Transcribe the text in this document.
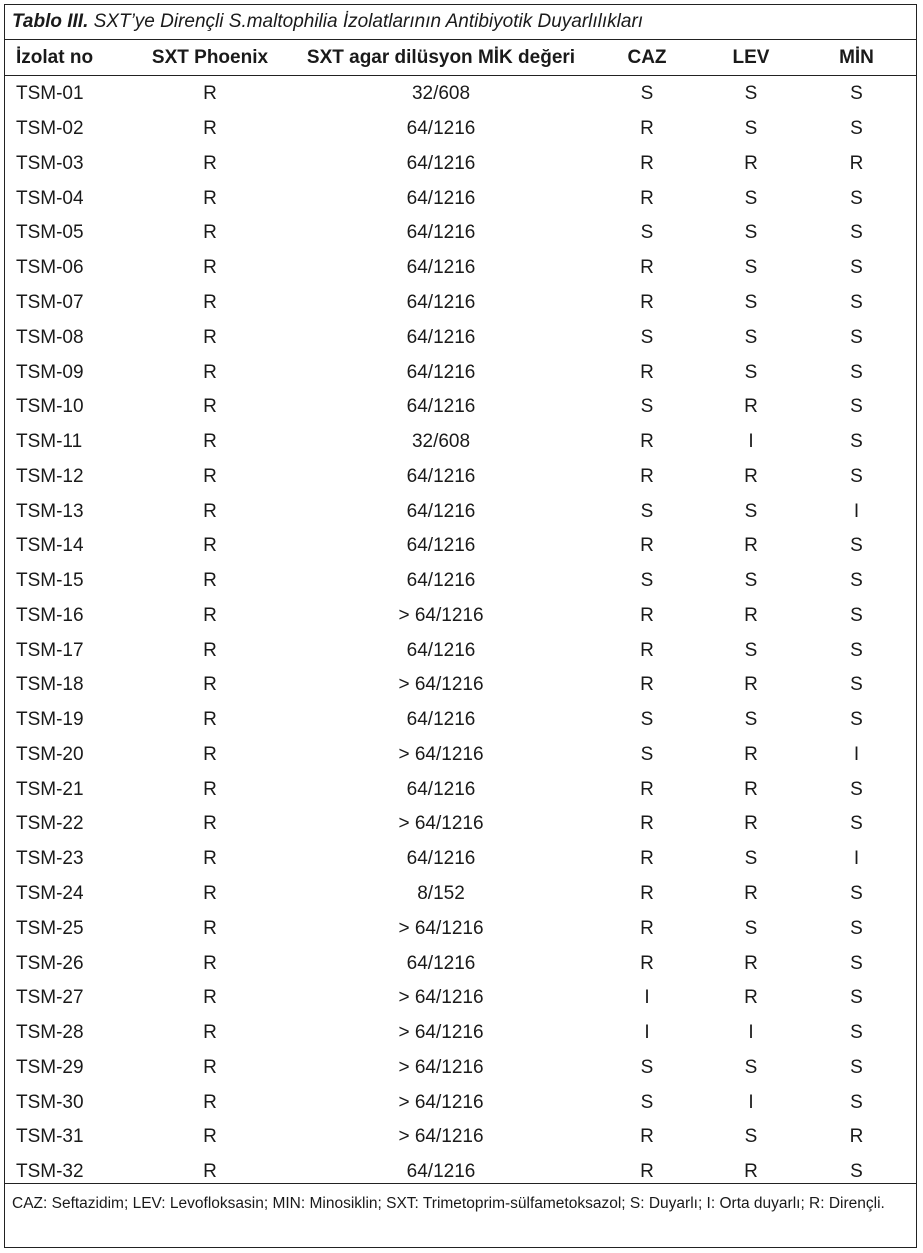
Tablo III. SXT’ye Dirençli S.maltophilia İzolatlarının Antibiyotik Duyarlılıkları
İzolat no	SXT Phoenix	SXT agar dilüsyon MİK değeri	CAZ	LEV	MİN
TSM-01	R	32/608	S	S	S
TSM-02	R	64/1216	R	S	S
TSM-03	R	64/1216	R	R	R
TSM-04	R	64/1216	R	S	S
TSM-05	R	64/1216	S	S	S
TSM-06	R	64/1216	R	S	S
TSM-07	R	64/1216	R	S	S
TSM-08	R	64/1216	S	S	S
TSM-09	R	64/1216	R	S	S
TSM-10	R	64/1216	S	R	S
TSM-11	R	32/608	R	I	S
TSM-12	R	64/1216	R	R	S
TSM-13	R	64/1216	S	S	I
TSM-14	R	64/1216	R	R	S
TSM-15	R	64/1216	S	S	S
TSM-16	R	> 64/1216	R	R	S
TSM-17	R	64/1216	R	S	S
TSM-18	R	> 64/1216	R	R	S
TSM-19	R	64/1216	S	S	S
TSM-20	R	> 64/1216	S	R	I
TSM-21	R	64/1216	R	R	S
TSM-22	R	> 64/1216	R	R	S
TSM-23	R	64/1216	R	S	I
TSM-24	R	8/152	R	R	S
TSM-25	R	> 64/1216	R	S	S
TSM-26	R	64/1216	R	R	S
TSM-27	R	> 64/1216	I	R	S
TSM-28	R	> 64/1216	I	I	S
TSM-29	R	> 64/1216	S	S	S
TSM-30	R	> 64/1216	S	I	S
TSM-31	R	> 64/1216	R	S	R
TSM-32	R	64/1216	R	R	S
CAZ: Seftazidim; LEV: Levofloksasin; MIN: Minosiklin; SXT: Trimetoprim-sülfametoksazol; S: Duyarlı; I: Orta duyarlı; R: Dirençli.
